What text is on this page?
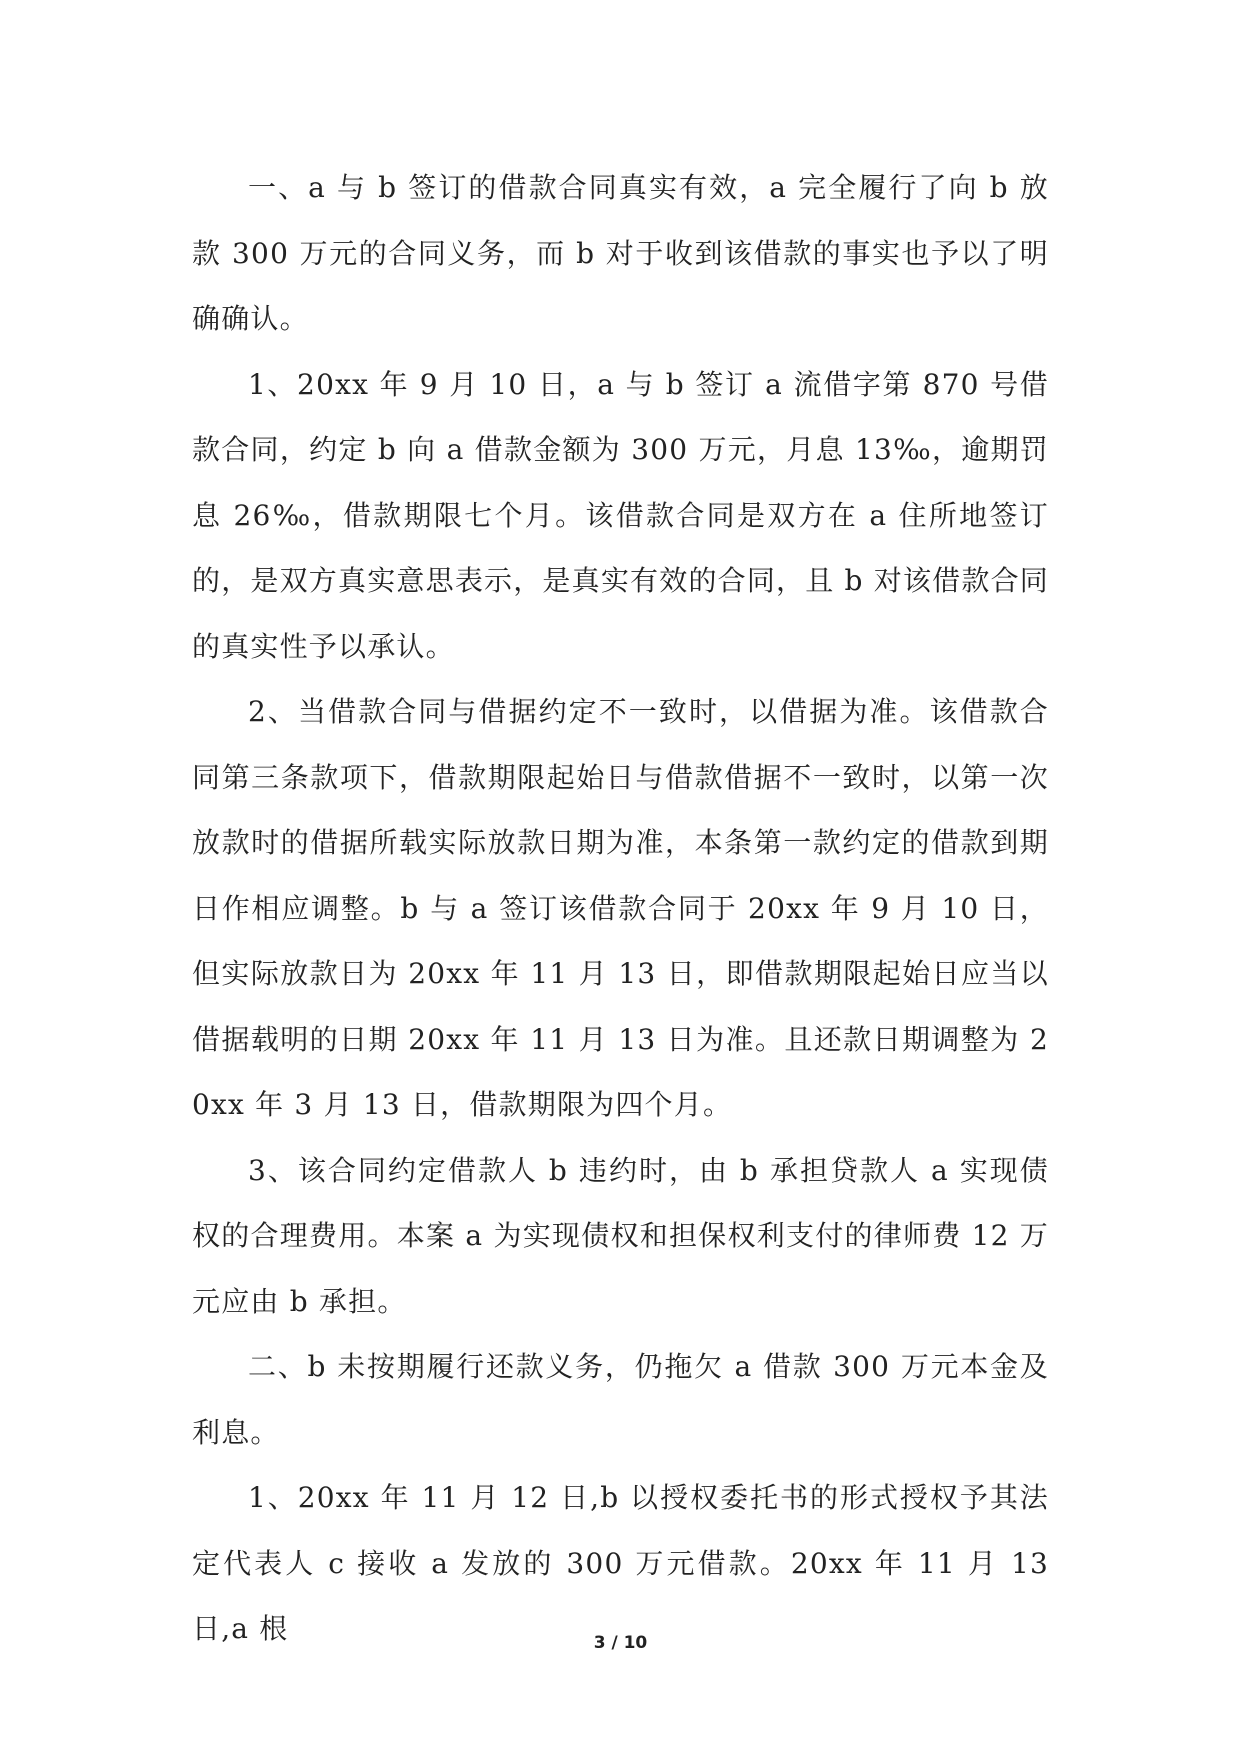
一、a 与 b 签订的借款合同真实有效，a 完全履行了向 b 放款 300 万元的合同义务，而 b 对于收到该借款的事实也予以了明确确认。

1、20xx 年 9 月 10 日，a 与 b 签订 a 流借字第 870 号借款合同，约定 b 向 a 借款金额为 300 万元，月息 13‰，逾期罚息 26‰，借款期限七个月。该借款合同是双方在 a 住所地签订的，是双方真实意思表示，是真实有效的合同，且 b 对该借款合同的真实性予以承认。

2、当借款合同与借据约定不一致时，以借据为准。该借款合同第三条款项下，借款期限起始日与借款借据不一致时，以第一次放款时的借据所载实际放款日期为准，本条第一款约定的借款到期日作相应调整。b 与 a 签订该借款合同于 20xx 年 9 月 10 日，但实际放款日为 20xx 年 11 月 13 日，即借款期限起始日应当以借据载明的日期 20xx 年 11 月 13 日为准。且还款日期调整为 20xx 年 3 月 13 日，借款期限为四个月。

3、该合同约定借款人 b 违约时，由 b 承担贷款人 a 实现债权的合理费用。本案 a 为实现债权和担保权利支付的律师费 12 万元应由 b 承担。

二、b 未按期履行还款义务，仍拖欠 a 借款 300 万元本金及利息。

1、20xx 年 11 月 12 日,b 以授权委托书的形式授权予其法定代表人 c 接收 a 发放的 300 万元借款。20xx 年 11 月 13 日,a 根	3 / 10
